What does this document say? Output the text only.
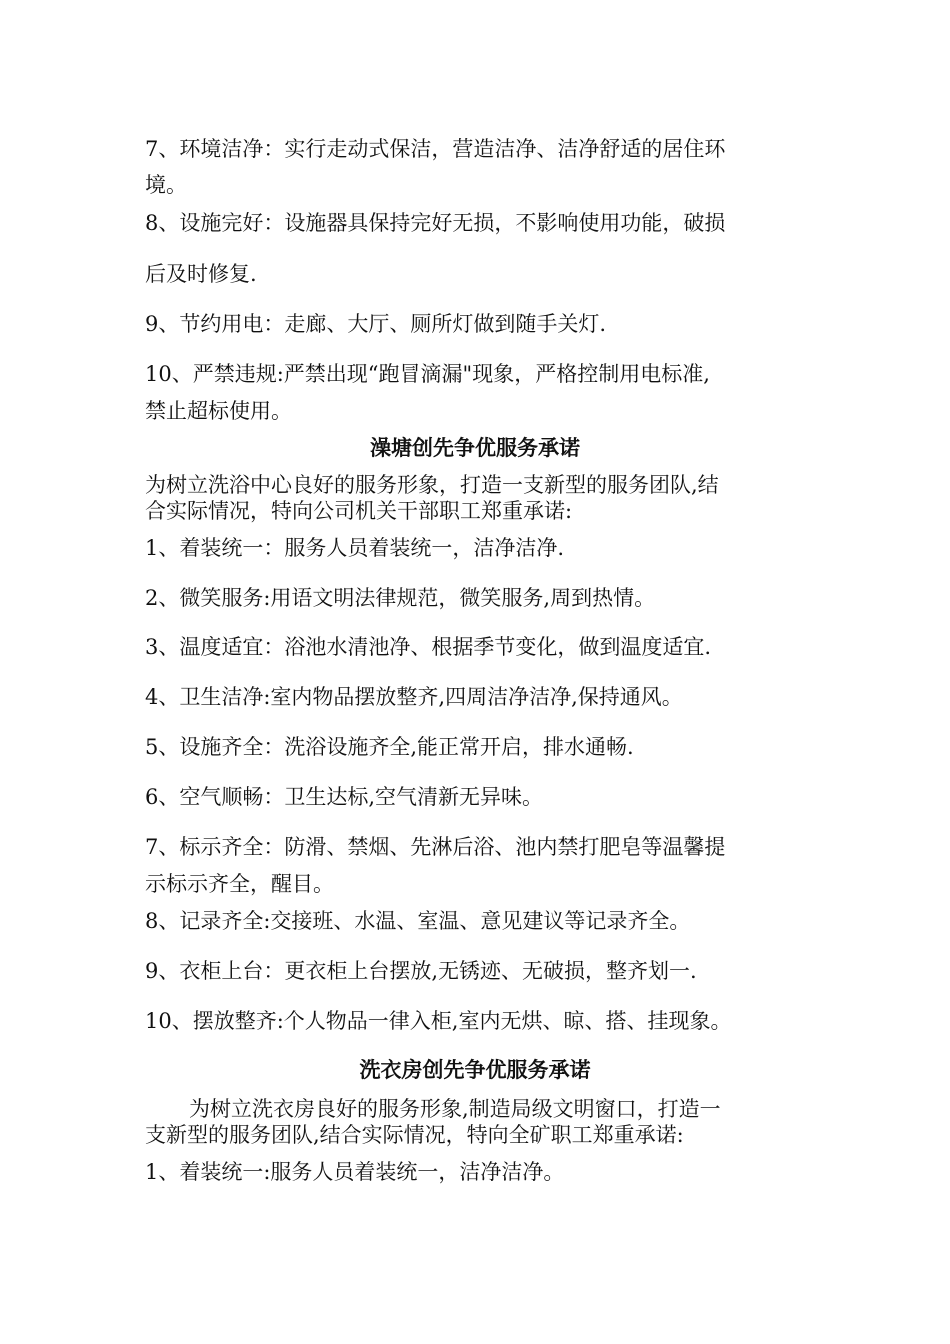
7、环境洁净：实行走动式保洁，营造洁净、洁净舒适的居住环

境。

8、设施完好：设施器具保持完好无损，不影响使用功能，破损

后及时修复.

9、节约用电：走廊、大厅、厕所灯做到随手关灯.

10、严禁违规:严禁出现“跑冒滴漏"现象，严格控制用电标准,

禁止超标使用。

澡塘创先争优服务承诺

为树立洗浴中心良好的服务形象，打造一支新型的服务团队,结

合实际情况，特向公司机关干部职工郑重承诺:

1、着装统一：服务人员着装统一，洁净洁净.

2、微笑服务:用语文明法律规范，微笑服务,周到热情。

3、温度适宜：浴池水清池净、根据季节变化，做到温度适宜.

4、卫生洁净:室内物品摆放整齐,四周洁净洁净,保持通风。

5、设施齐全：洗浴设施齐全,能正常开启，排水通畅.

6、空气顺畅：卫生达标,空气清新无异味。

7、标示齐全：防滑、禁烟、先淋后浴、池内禁打肥皂等温馨提

示标示齐全，醒目。

8、记录齐全:交接班、水温、室温、意见建议等记录齐全。

9、衣柜上台：更衣柜上台摆放,无锈迹、无破损，整齐划一.

10、摆放整齐:个人物品一律入柜,室内无烘、晾、搭、挂现象。

洗衣房创先争优服务承诺

为树立洗衣房良好的服务形象,制造局级文明窗口，打造一

支新型的服务团队,结合实际情况，特向全矿职工郑重承诺:

1、着装统一:服务人员着装统一，洁净洁净。
